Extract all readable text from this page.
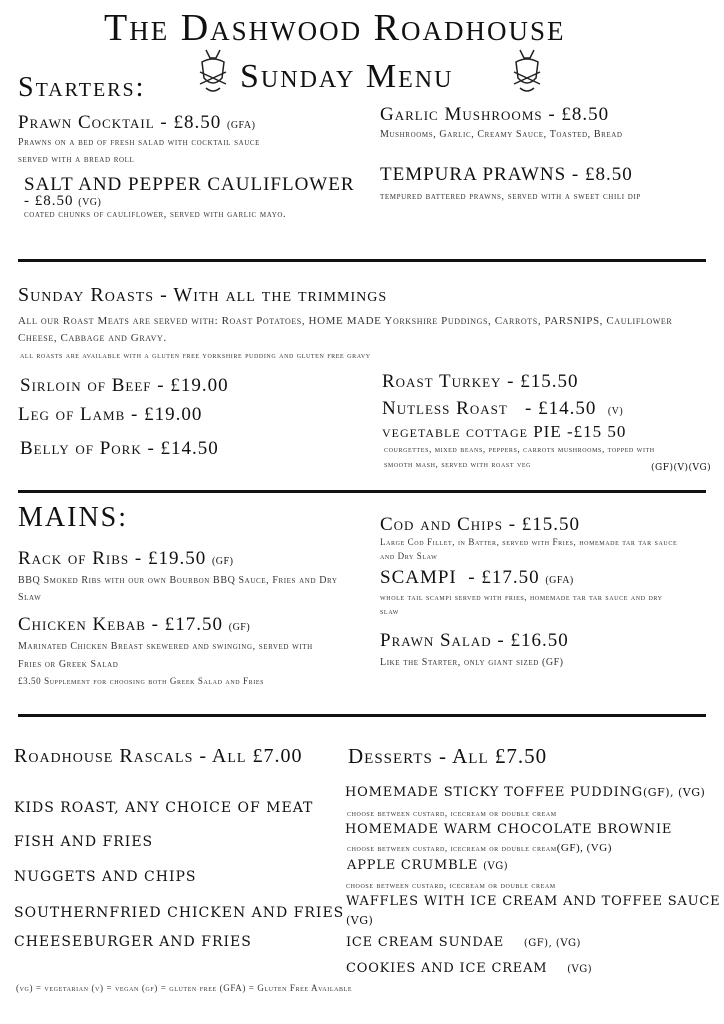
The Dashwood Roadhouse
Sunday Menu
Starters:
Prawn Cocktail - £8.50 (GFA)
Prawns on a bed of fresh salad with cocktail sauce served with a bread roll
SALT AND PEPPER CAULIFLOWER
- £8.50 (VG)
coated chunks of cauliflower, served with garlic mayo.
Garlic Mushrooms - £8.50
Mushrooms, Garlic, Creamy Sauce, Toasted, Bread
TEMPURA PRAWNS - £8.50
tempured battered prawns, served with a sweet chili dip
Sunday Roasts - With all the trimmings
All our Roast Meats are served with: Roast Potatoes, HOME MADE Yorkshire Puddings, Carrots, PARSNIPS, Cauliflower Cheese, Cabbage and Gravy.
all roasts are available with a gluten free yorkshire pudding and gluten free gravy
Sirloin of Beef - £19.00
Leg of Lamb - £19.00
Belly of Pork - £14.50
Roast Turkey - £15.50
Nutless Roast   - £14.50 (V)
vegetable cottage PIE -£15 50
courgettes, mixed beans, peppers, carrots mushrooms, topped with smooth mash, served with roast veg	(GF)(V)(VG)
MAINS:
Rack of Ribs - £19.50 (GF)
BBQ Smoked Ribs with our own Bourbon BBQ Sauce, Fries and Dry Slaw
Chicken Kebab - £17.50 (GF)
Marinated Chicken Breast skewered and swinging, served with Fries or Greek Salad
£3.50 Supplement for choosing both Greek Salad and Fries
Cod and Chips - £15.50
Large Cod Fillet, in Batter, served with Fries, homemade tar tar sauce and Dry Slaw
SCAMPI  - £17.50 (GFA)
whole tail scampi served with fries, homemade tar tar sauce and dry slaw
Prawn Salad - £16.50
Like the Starter, only giant sized (GF)
Roadhouse Rascals - All £7.00
KIDS ROAST, ANY CHOICE OF MEAT
FISH AND FRIES
NUGGETS AND CHIPS
SOUTHERNFRIED CHICKEN AND FRIES
CHEESEBURGER AND FRIES
Desserts - All £7.50
HOMEMADE STICKY TOFFEE PUDDING(GF), (VG)
choose between custard, icecream or double cream
HOMEMADE WARM CHOCOLATE BROWNIE
choose between custard, icecream or double cream(GF), (VG)
APPLE CRUMBLE (VG)
choose between custard, icecream or double cream
WAFFLES WITH ICE CREAM AND TOFFEE SAUCE
(VG)
ICE CREAM SUNDAE (GF), (VG)
COOKIES AND ICE CREAM (VG)
(vg) = vegetarian (v) = vegan (gf) = gluten free (GFA) = Gluten Free Available
